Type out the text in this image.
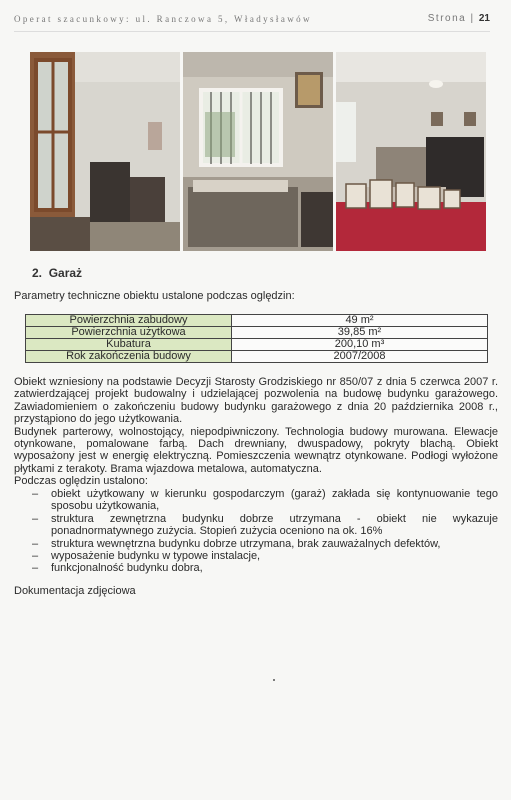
Operat szacunkowy: ul. Ranczowa 5, Władysławów	Strona | 21
2. Garaż
Parametry techniczne obiektu ustalone podczas oględzin:
Powierzchnia zabudowy	49 m²
Powierzchnia użytkowa	39,85 m²
Kubatura	200,10 m³
Rok zakończenia budowy	2007/2008

Obiekt wzniesiony na podstawie Decyzji Starosty Grodziskiego nr 850/07 z dnia 5 czerwca 2007 r. zatwierdzającej projekt budowalny i udzielającej pozwolenia na budowę budynku garażowego. Zawiadomieniem o zakończeniu budowy budynku garażowego z dnia 20 października 2008 r., przystąpiono do jego użytkowania.

Budynek parterowy, wolnostojący, niepodpiwniczony. Technologia budowy murowana. Elewacje otynkowane, pomalowane farbą. Dach drewniany, dwuspadowy, pokryty blachą. Obiekt wyposażony jest w energię elektryczną. Pomieszczenia wewnątrz otynkowane. Podłogi wyłożone płytkami z terakoty. Brama wjazdowa metalowa, automatyczna.

Podczas oględzin ustalono:
– obiekt użytkowany w kierunku gospodarczym (garaż) zakłada się kontynuowanie tego sposobu użytkowania,
– struktura zewnętrzna budynku dobrze utrzymana - obiekt nie wykazuje ponadnormatywnego zużycia. Stopień zużycia oceniono na ok. 16%
– struktura wewnętrzna budynku dobrze utrzymana, brak zauważalnych defektów,
– wyposażenie budynku w typowe instalacje,
– funkcjonalność budynku dobra,
Dokumentacja zdjęciowa
